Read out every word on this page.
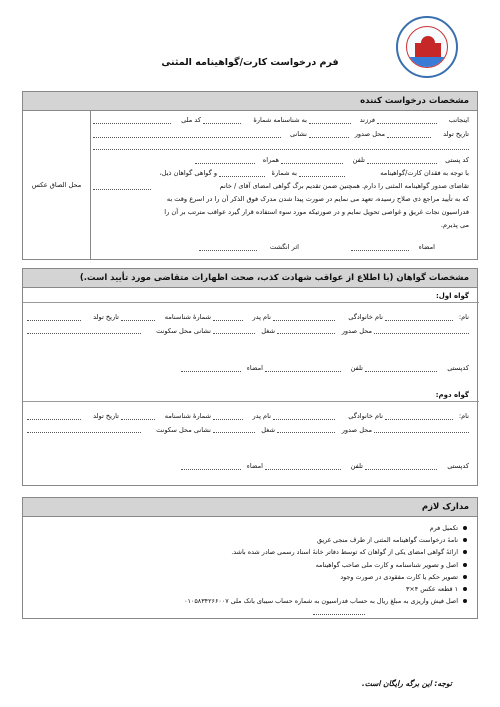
فرم درخواست کارت/گواهینامه المثنی
مشخصات درخواست کننده
محل الصاق عکس
اینجانب
فرزند
به شناسنامه شمارۀ
کد ملی
تاریخ تولد
محل صدور
نشانی
کد پستی
تلفن
همراه
با توجه به فقدان کارت/گواهینامه
به شمارۀ
و گواهی گواهان ذیل،
تقاضای صدور گواهینامه المثنی را دارم. همچنین ضمن تقدیم برگ گواهی امضای آقای / خانم
که به تأیید مراجع ذی صلاح رسیده، تعهد می نمایم در صورت پیدا شدن مدرک فوق الذکر آن را در اسرع وقت به
فدراسیون نجات غریق و غواصی تحویل نمایم و در صورتیکه مورد سوء استفاده قرار گیرد عواقب مترتب بر آن را
می پذیرم.
امضاء
اثر انگشت
مشخصات گواهان (با اطلاع از عواقب شهادت کذب، صحت اظهارات متقاضی مورد تأیید است.)
گواه اول:
نام:
نام خانوادگی
نام پدر
شمارۀ شناسنامه
تاریخ تولد
محل صدور
شغل
نشانی محل سکونت
کدپستی
تلفن
امضاء
گواه دوم:
نام:
نام خانوادگی
نام پدر
شمارۀ شناسنامه
تاریخ تولد
محل صدور
شغل
نشانی محل سکونت
کدپستی
تلفن
امضاء
مدارک لازم
تکمیل فرم
نامۀ درخواست گواهینامه المثنی از طرف منجی غریق
ارائۀ گواهی امضای یکی از گواهان که توسط دفاتر خانۀ اسناد رسمی صادر شده باشد.
اصل و تصویر شناسنامه و کارت ملی صاحب گواهینامه
تصویر حکم یا کارت مفقودی در صورت وجود
۱ قطعه عکس ۴×۳
اصل فیش واریزی به مبلغ ریال به حساب فدراسیون به شماره حساب سیبای بانک ملی ۰۱۰۵۸۳۴۲۶۶۰۰۷
توجه: این برگه رایگان است.
